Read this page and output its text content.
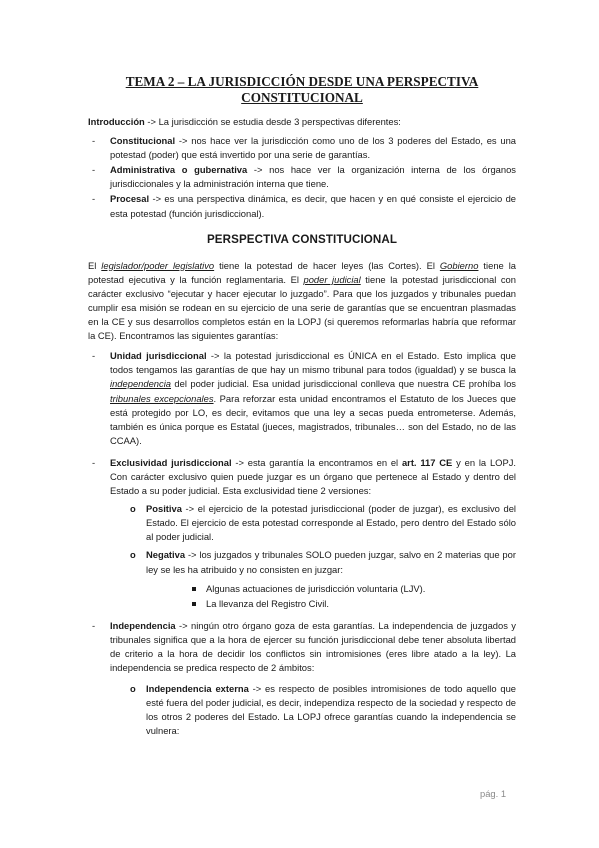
TEMA 2 – LA JURISDICCIÓN DESDE UNA PERSPECTIVA
CONSTITUCIONAL

Introducción -> La jurisdicción se estudia desde 3 perspectivas diferentes:

- Constitucional -> nos hace ver la jurisdicción como uno de los 3 poderes del Estado, es una potestad (poder) que está invertido por una serie de garantías.
- Administrativa o gubernativa -> nos hace ver la organización interna de los órganos jurisdiccionales y la administración interna que tiene.
- Procesal -> es una perspectiva dinámica, es decir, que hacen y en qué consiste el ejercicio de esta potestad (función jurisdiccional).
PERSPECTIVA CONSTITUCIONAL

El legislador/poder legislativo tiene la potestad de hacer leyes (las Cortes). El Gobierno tiene la potestad ejecutiva y la función reglamentaria. El poder judicial tiene la potestad jurisdiccional con carácter exclusivo “ejecutar y hacer ejecutar lo juzgado”. Para que los juzgados y tribunales puedan cumplir esa misión se rodean en su ejercicio de una serie de garantías que se encuentran plasmadas en la CE y sus desarrollos completos están en la LOPJ (si queremos reformarlas habría que reformar la CE). Encontramos las siguientes garantías:

- Unidad jurisdiccional -> la potestad jurisdiccional es ÚNICA en el Estado. Esto implica que todos tengamos las garantías de que hay un mismo tribunal para todos (igualdad) y se busca la independencia del poder judicial. Esa unidad jurisdiccional conlleva que nuestra CE prohíba los tribunales excepcionales. Para reforzar esta unidad encontramos el Estatuto de los Jueces que está protegido por LO, es decir, evitamos que una ley a secas pueda entrometerse. Además, también es única porque es Estatal (jueces, magistrados, tribunales… son del Estado, no de las CCAA).
- Exclusividad jurisdiccional -> esta garantía la encontramos en el art. 117 CE y en la LOPJ. Con carácter exclusivo quien puede juzgar es un órgano que pertenece al Estado y dentro del Estado a su poder judicial. Esta exclusividad tiene 2 versiones:
o Positiva -> el ejercicio de la potestad jurisdiccional (poder de juzgar), es exclusivo del Estado. El ejercicio de esta potestad corresponde al Estado, pero dentro del Estado sólo al poder judicial.
o Negativa -> los juzgados y tribunales SOLO pueden juzgar, salvo en 2 materias que por ley se les ha atribuido y no consisten en juzgar:
Algunas actuaciones de jurisdicción voluntaria (LJV).
La llevanza del Registro Civil.
- Independencia -> ningún otro órgano goza de esta garantías. La independencia de juzgados y tribunales significa que a la hora de ejercer su función jurisdiccional debe tener absoluta libertad de criterio a la hora de decidir los conflictos sin intromisiones (eres libre atado a la ley). La independencia se predica respecto de 2 ámbitos:
o Independencia externa -> es respecto de posibles intromisiones de todo aquello que esté fuera del poder judicial, es decir, independiza respecto de la sociedad y respecto de los otros 2 poderes del Estado. La LOPJ ofrece garantías cuando la independencia se vulnera:
pág. 1
